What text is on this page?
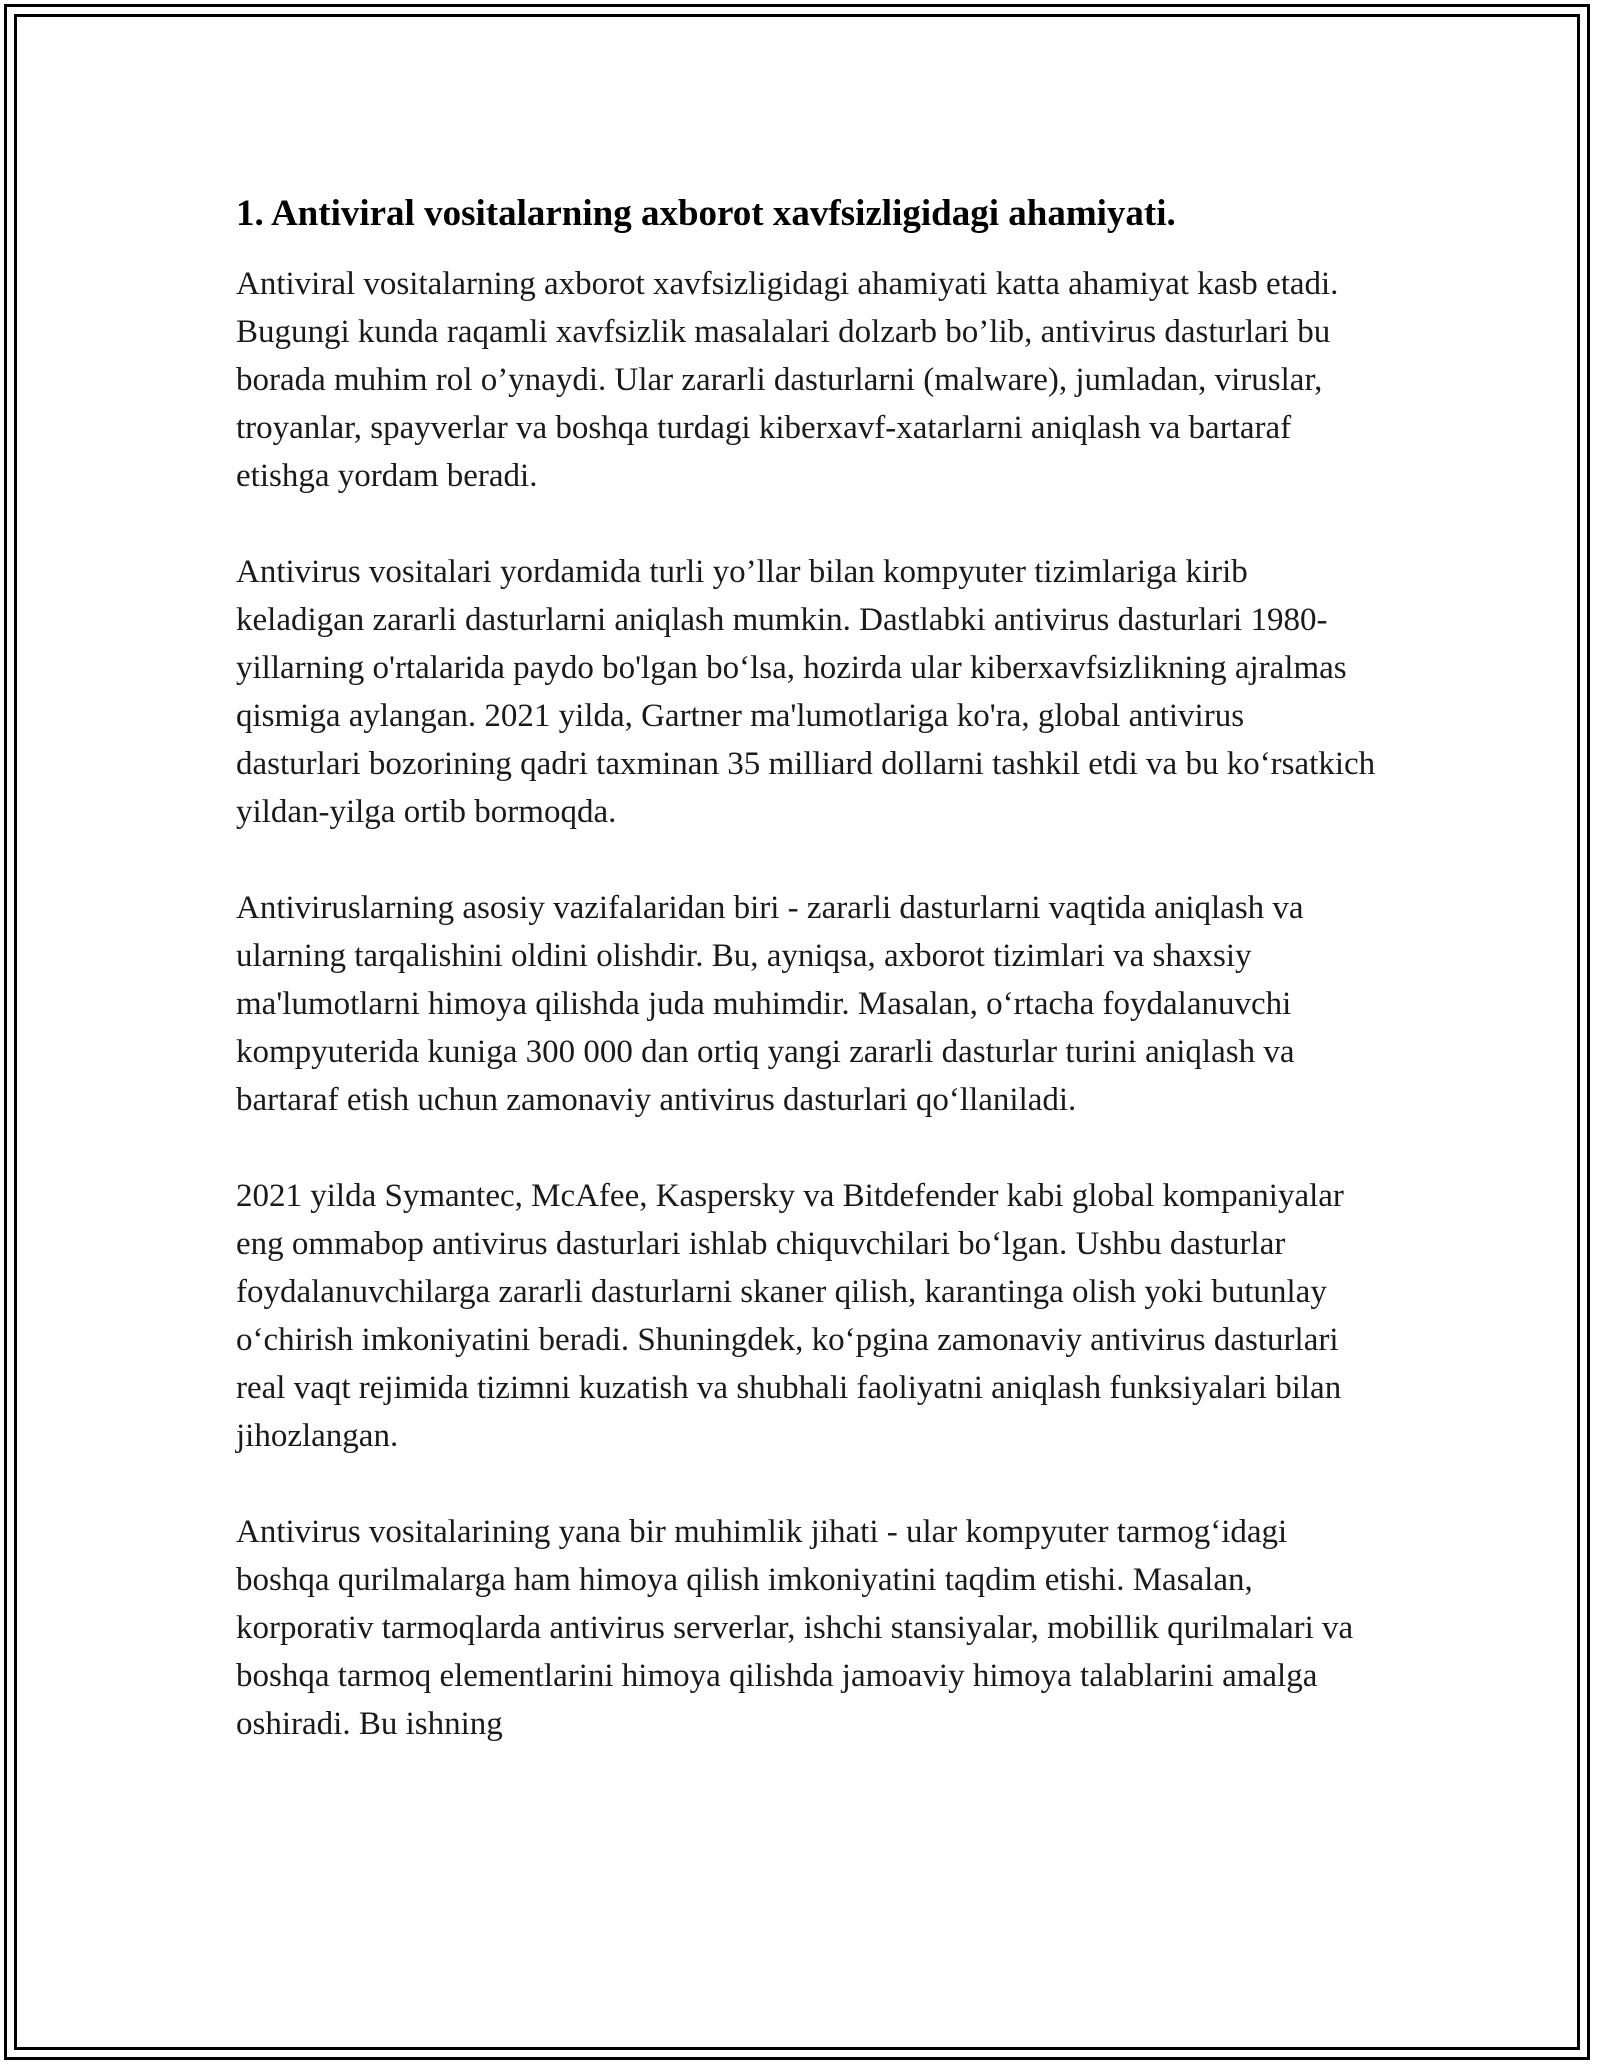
1. Antiviral vositalarning axborot xavfsizligidagi ahamiyati.

Antiviral vositalarning axborot xavfsizligidagi ahamiyati katta ahamiyat kasb etadi. Bugungi kunda raqamli xavfsizlik masalalari dolzarb bo’lib, antivirus dasturlari bu borada muhim rol o’ynaydi. Ular zararli dasturlarni (malware), jumladan, viruslar, troyanlar, spayverlar va boshqa turdagi kiberxavf-xatarlarni aniqlash va bartaraf etishga yordam beradi.

Antivirus vositalari yordamida turli yo’llar bilan kompyuter tizimlariga kirib keladigan zararli dasturlarni aniqlash mumkin. Dastlabki antivirus dasturlari 1980-yillarning o'rtalarida paydo bo'lgan bo‘lsa, hozirda ular kiberxavfsizlikning ajralmas qismiga aylangan. 2021 yilda, Gartner ma'lumotlariga ko'ra, global antivirus dasturlari bozorining qadri taxminan 35 milliard dollarni tashkil etdi va bu ko‘rsatkich yildan-yilga ortib bormoqda.

Antiviruslarning asosiy vazifalaridan biri - zararli dasturlarni vaqtida aniqlash va ularning tarqalishini oldini olishdir. Bu, ayniqsa, axborot tizimlari va shaxsiy ma'lumotlarni himoya qilishda juda muhimdir. Masalan, o‘rtacha foydalanuvchi kompyuterida kuniga 300 000 dan ortiq yangi zararli dasturlar turini aniqlash va bartaraf etish uchun zamonaviy antivirus dasturlari qo‘llaniladi.

2021 yilda Symantec, McAfee, Kaspersky va Bitdefender kabi global kompaniyalar eng ommabop antivirus dasturlari ishlab chiquvchilari bo‘lgan. Ushbu dasturlar foydalanuvchilarga zararli dasturlarni skaner qilish, karantinga olish yoki butunlay o‘chirish imkoniyatini beradi. Shuningdek, ko‘pgina zamonaviy antivirus dasturlari real vaqt rejimida tizimni kuzatish va shubhali faoliyatni aniqlash funksiyalari bilan jihozlangan.

Antivirus vositalarining yana bir muhimlik jihati - ular kompyuter tarmog‘idagi boshqa qurilmalarga ham himoya qilish imkoniyatini taqdim etishi. Masalan, korporativ tarmoqlarda antivirus serverlar, ishchi stansiyalar, mobillik qurilmalari va boshqa tarmoq elementlarini himoya qilishda jamoaviy himoya talablarini amalga oshiradi. Bu ishning
